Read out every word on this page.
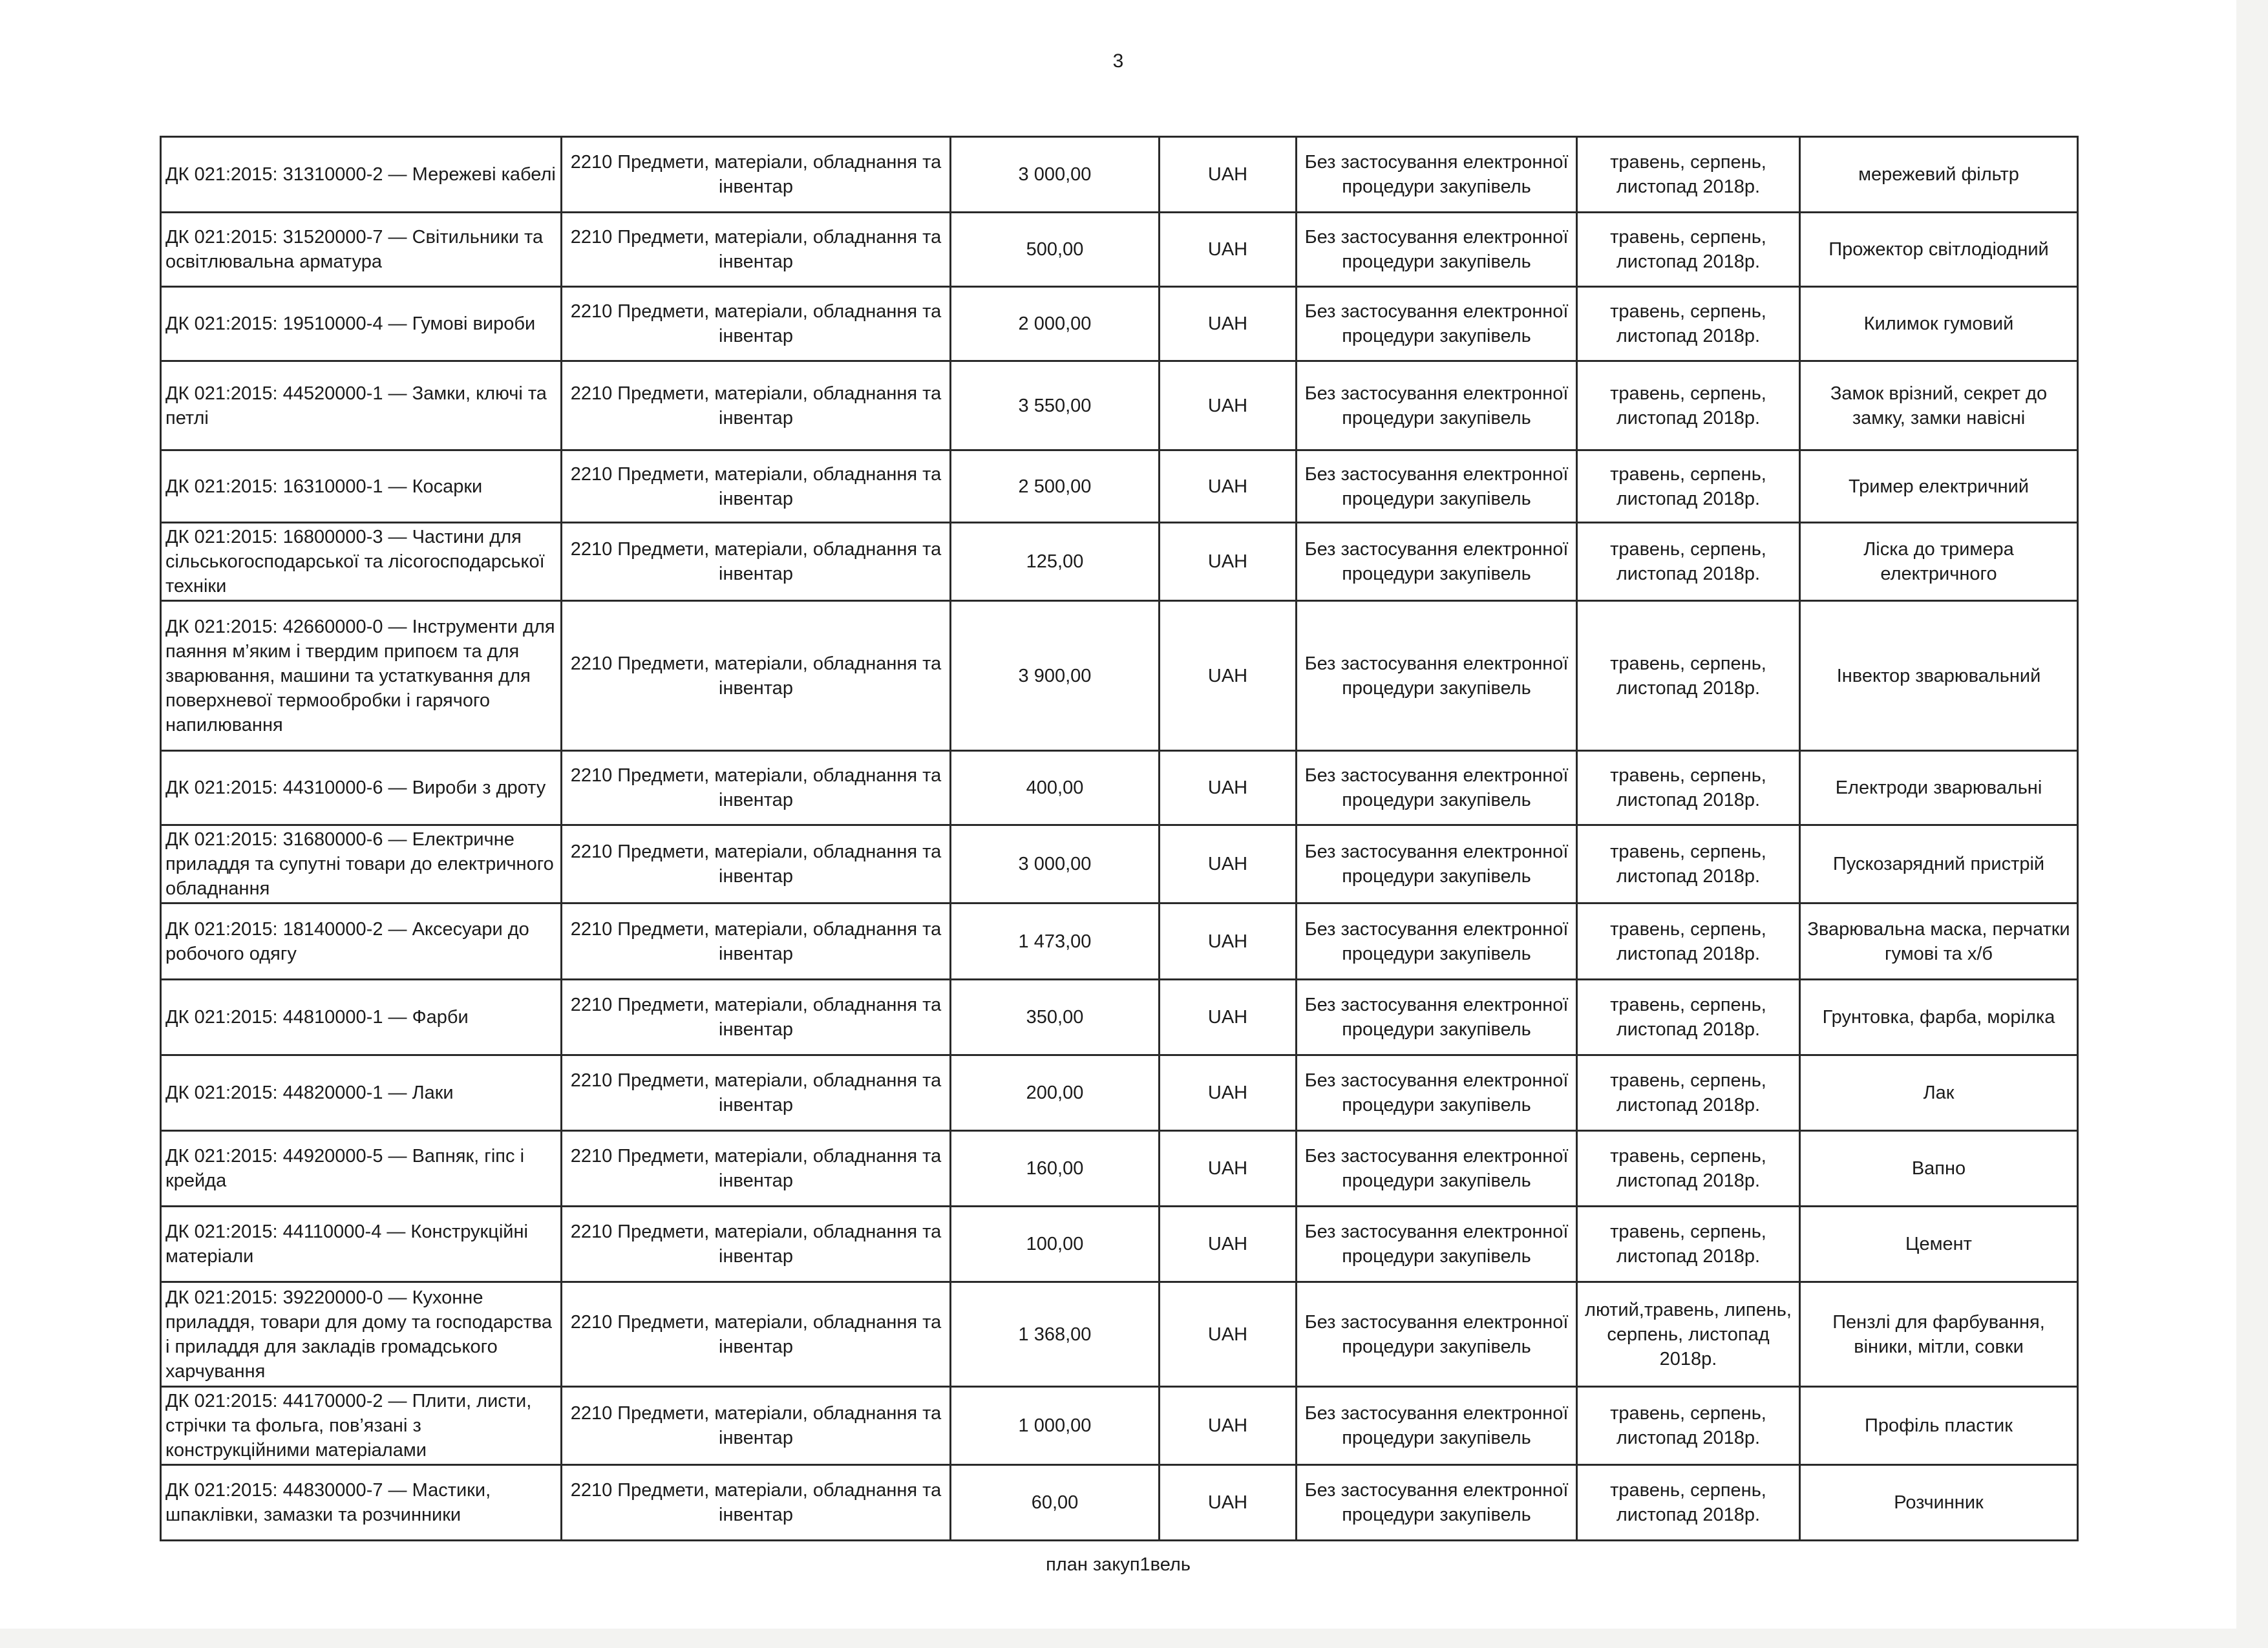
3
ДК 021:2015: 31310000-2 — Мережеві кабелі	2210 Предмети, матеріали, обладнання та інвентар	3 000,00	UAH	Без застосування електронної процедури закупівель	травень, серпень, листопад 2018р.	мережевий фільтр
ДК 021:2015: 31520000-7 — Світильники та освітлювальна арматура	2210 Предмети, матеріали, обладнання та інвентар	500,00	UAH	Без застосування електронної процедури закупівель	травень, серпень, листопад 2018р.	Прожектор світлодіодний
ДК 021:2015: 19510000-4 — Гумові вироби	2210 Предмети, матеріали, обладнання та інвентар	2 000,00	UAH	Без застосування електронної процедури закупівель	травень, серпень, листопад 2018р.	Килимок гумовий
ДК 021:2015: 44520000-1 — Замки, ключі та петлі	2210 Предмети, матеріали, обладнання та інвентар	3 550,00	UAH	Без застосування електронної процедури закупівель	травень, серпень, листопад 2018р.	Замок врізний, секрет до замку, замки навісні
ДК 021:2015: 16310000-1 — Косарки	2210 Предмети, матеріали, обладнання та інвентар	2 500,00	UAH	Без застосування електронної процедури закупівель	травень, серпень, листопад 2018р.	Тример електричний
ДК 021:2015: 16800000-3 — Частини для сільськогосподарської та лісогосподарської техніки	2210 Предмети, матеріали, обладнання та інвентар	125,00	UAH	Без застосування електронної процедури закупівель	травень, серпень, листопад 2018р.	Ліска до тримера електричного
ДК 021:2015: 42660000-0 — Інструменти для паяння м’яким і твердим припоєм та для зварювання, машини та устаткування для поверхневої термообробки і гарячого напилювання	2210 Предмети, матеріали, обладнання та інвентар	3 900,00	UAH	Без застосування електронної процедури закупівель	травень, серпень, листопад 2018р.	Інвектор зварювальний
ДК 021:2015: 44310000-6 — Вироби з дроту	2210 Предмети, матеріали, обладнання та інвентар	400,00	UAH	Без застосування електронної процедури закупівель	травень, серпень, листопад 2018р.	Електроди зварювальні
ДК 021:2015: 31680000-6 — Електричне приладдя та супутні товари до електричного обладнання	2210 Предмети, матеріали, обладнання та інвентар	3 000,00	UAH	Без застосування електронної процедури закупівель	травень, серпень, листопад 2018р.	Пускозарядний пристрій
ДК 021:2015: 18140000-2 — Аксесуари до робочого одягу	2210 Предмети, матеріали, обладнання та інвентар	1 473,00	UAH	Без застосування електронної процедури закупівель	травень, серпень, листопад 2018р.	Зварювальна маска, перчатки гумові та х/б
ДК 021:2015: 44810000-1 — Фарби	2210 Предмети, матеріали, обладнання та інвентар	350,00	UAH	Без застосування електронної процедури закупівель	травень, серпень, листопад 2018р.	Грунтовка, фарба, морілка
ДК 021:2015: 44820000-1 — Лаки	2210 Предмети, матеріали, обладнання та інвентар	200,00	UAH	Без застосування електронної процедури закупівель	травень, серпень, листопад 2018р.	Лак
ДК 021:2015: 44920000-5 — Вапняк, гіпс і крейда	2210 Предмети, матеріали, обладнання та інвентар	160,00	UAH	Без застосування електронної процедури закупівель	травень, серпень, листопад 2018р.	Вапно
ДК 021:2015: 44110000-4 — Конструкційні матеріали	2210 Предмети, матеріали, обладнання та інвентар	100,00	UAH	Без застосування електронної процедури закупівель	травень, серпень, листопад 2018р.	Цемент
ДК 021:2015: 39220000-0 — Кухонне приладдя, товари для дому та господарства і приладдя для закладів громадського харчування	2210 Предмети, матеріали, обладнання та інвентар	1 368,00	UAH	Без застосування електронної процедури закупівель	лютий,травень, липень, серпень, листопад 2018р.	Пензлі для фарбування, віники, мітли, совки
ДК 021:2015: 44170000-2 — Плити, листи, стрічки та фольга, пов’язані з конструкційними матеріалами	2210 Предмети, матеріали, обладнання та інвентар	1 000,00	UAH	Без застосування електронної процедури закупівель	травень, серпень, листопад 2018р.	Профіль пластик
ДК 021:2015: 44830000-7 — Мастики, шпаклівки, замазки та розчинники	2210 Предмети, матеріали, обладнання та інвентар	60,00	UAH	Без застосування електронної процедури закупівель	травень, серпень, листопад 2018р.	Розчинник
план закуп1вель
